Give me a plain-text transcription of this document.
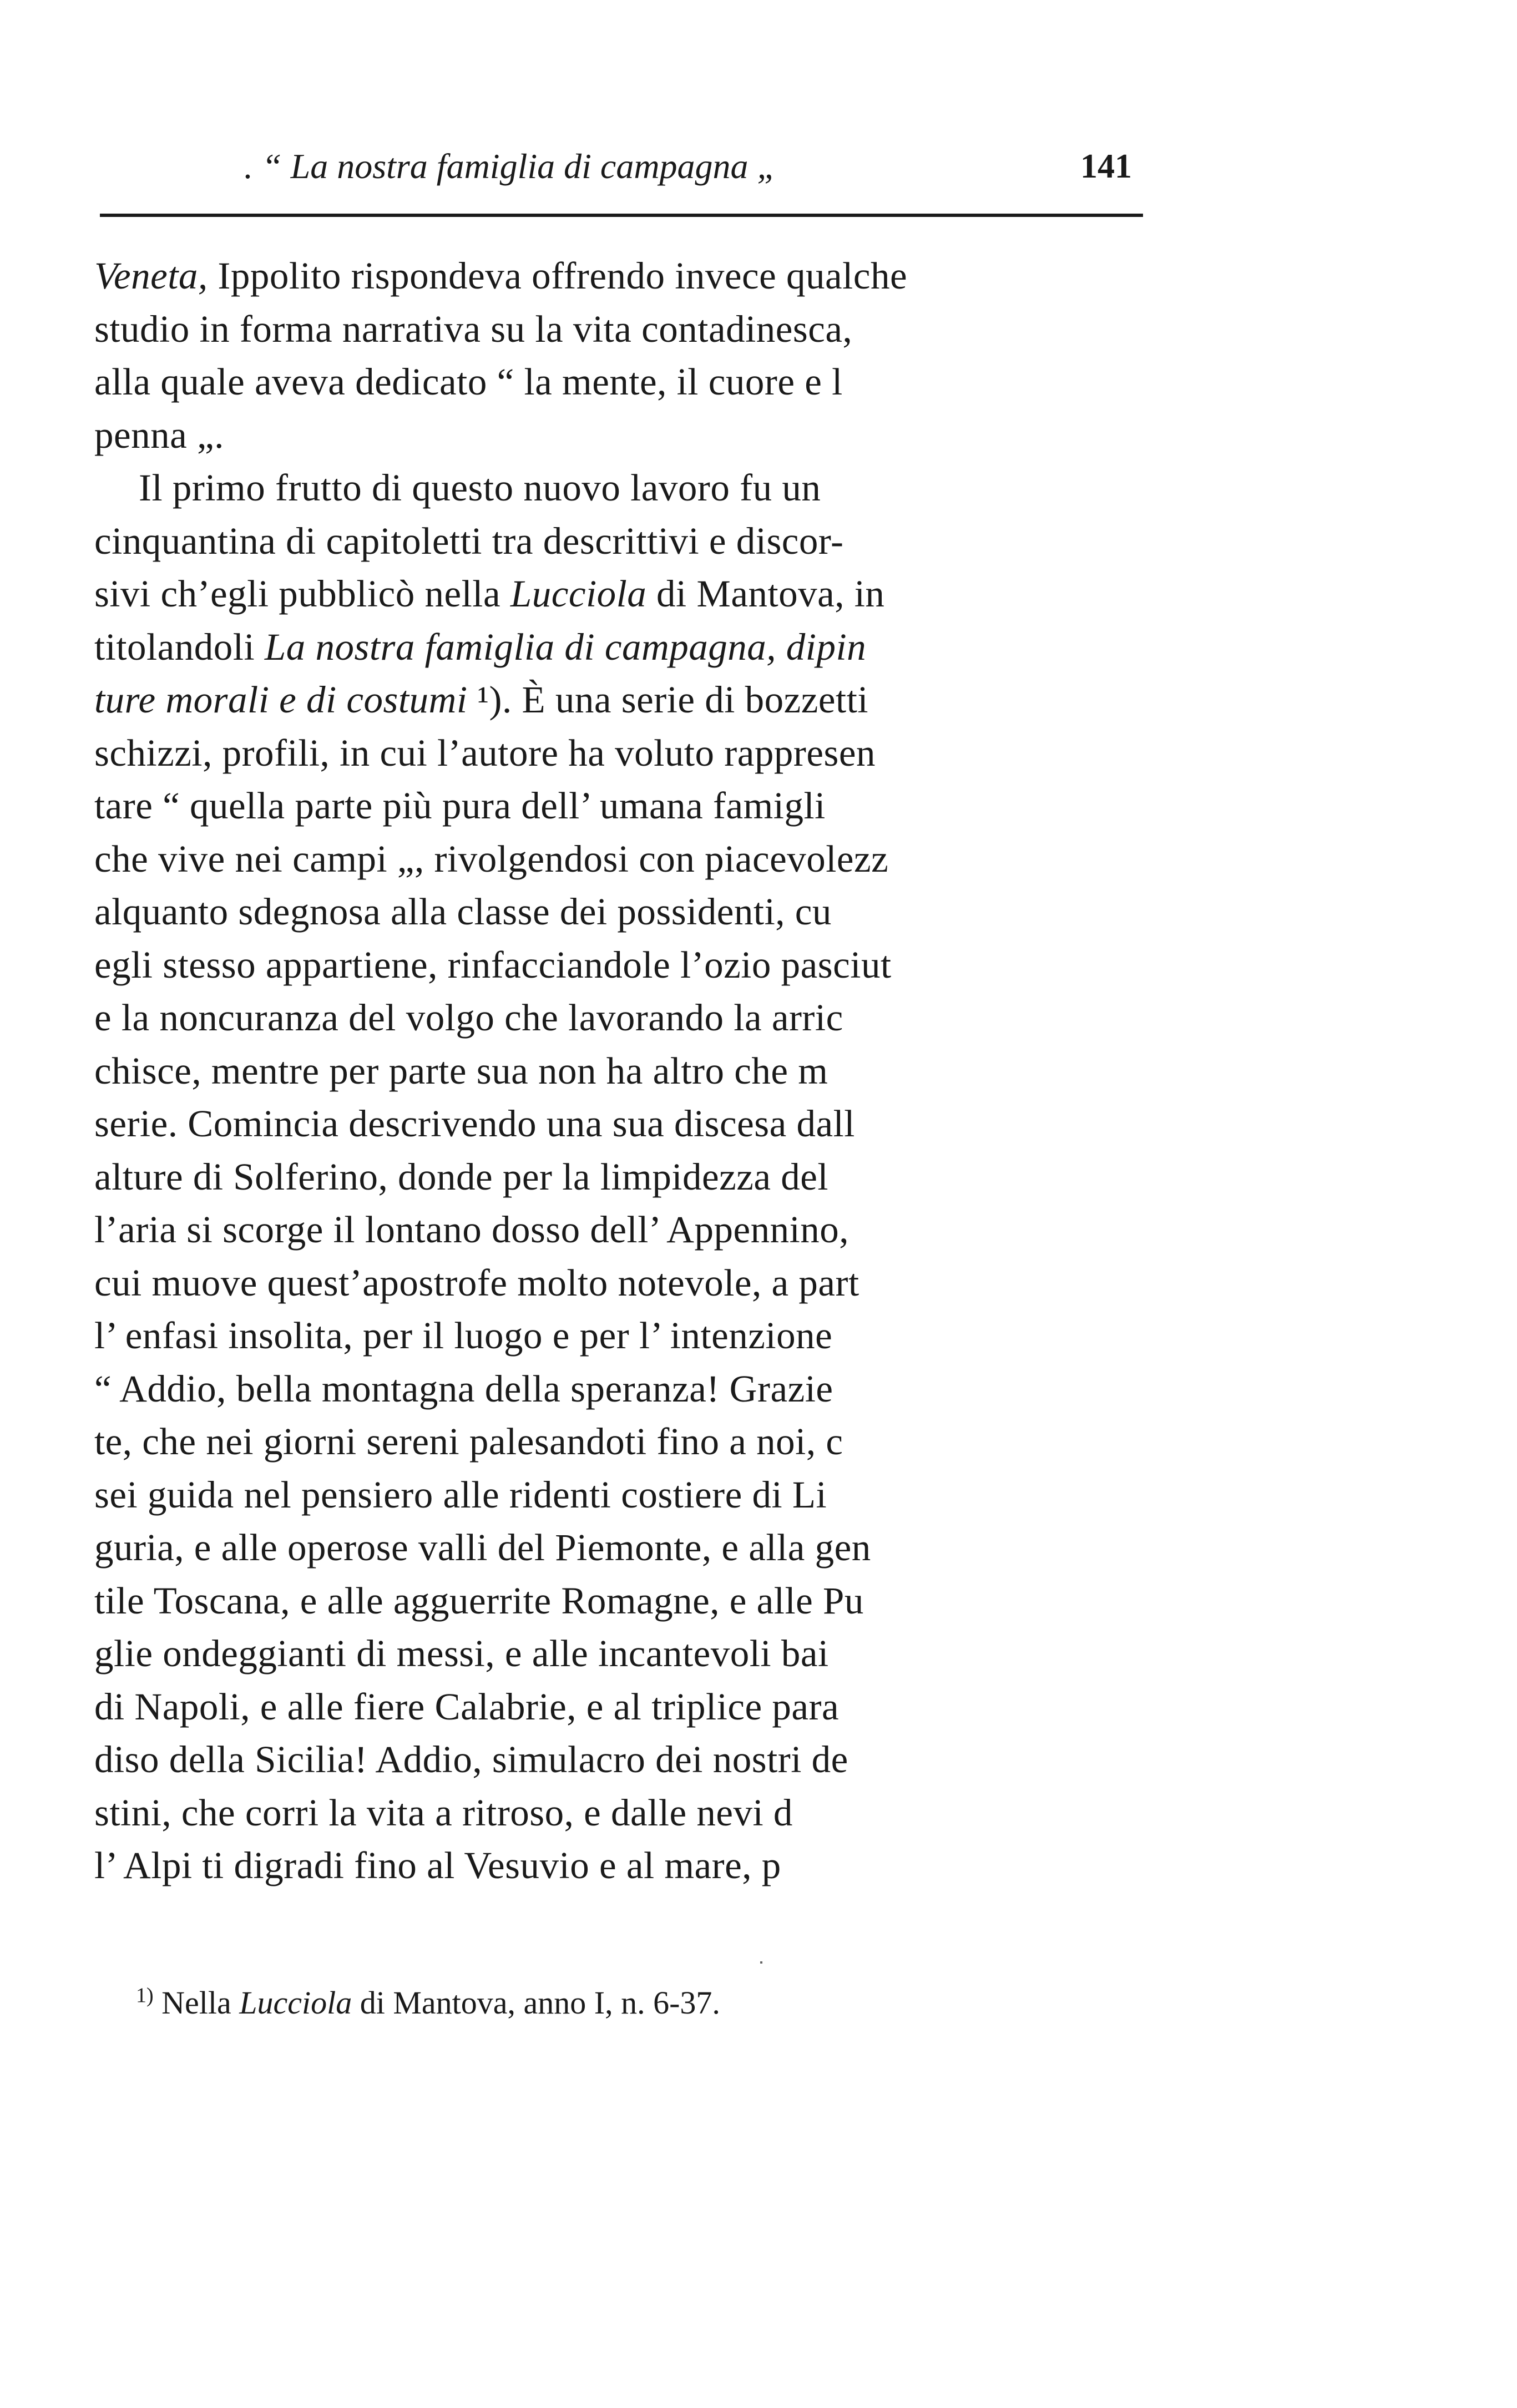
. “ La nostra famiglia di campagna „	141
Veneta, Ippolito rispondeva offrendo invece qualche
studio in forma narrativa su la vita contadinesca,
alla quale aveva dedicato “ la mente, il cuore e l
penna „.
Il primo frutto di questo nuovo lavoro fu un
cinquantina di capitoletti tra descrittivi e discor-
sivi ch’egli pubblicò nella Lucciola di Mantova, in
titolandoli La nostra famiglia di campagna, dipin
ture morali e di costumi ¹). È una serie di bozzetti
schizzi, profili, in cui l’autore ha voluto rappresen
tare “ quella parte più pura dell’ umana famigli
che vive nei campi „, rivolgendosi con piacevolezz
alquanto sdegnosa alla classe dei possidenti, cu
egli stesso appartiene, rinfacciandole l’ozio pasciut
e la noncuranza del volgo che lavorando la arric
chisce, mentre per parte sua non ha altro che m
serie. Comincia descrivendo una sua discesa dall
alture di Solferino, donde per la limpidezza del
l’aria si scorge il lontano dosso dell’ Appennino,
cui muove quest’apostrofe molto notevole, a part
l’ enfasi insolita, per il luogo e per l’ intenzione
“ Addio, bella montagna della speranza! Grazie
te, che nei giorni sereni palesandoti fino a noi, c
sei guida nel pensiero alle ridenti costiere di Li
guria, e alle operose valli del Piemonte, e alla gen
tile Toscana, e alle agguerrite Romagne, e alle Pu
glie ondeggianti di messi, e alle incantevoli bai
di Napoli, e alle fiere Calabrie, e al triplice para
diso della Sicilia! Addio, simulacro dei nostri de
stini, che corri la vita a ritroso, e dalle nevi d
l’ Alpi ti digradi fino al Vesuvio e al mare, p
$^{1)}$ Nella Lucciola di Mantova, anno I, n. 6-37.
